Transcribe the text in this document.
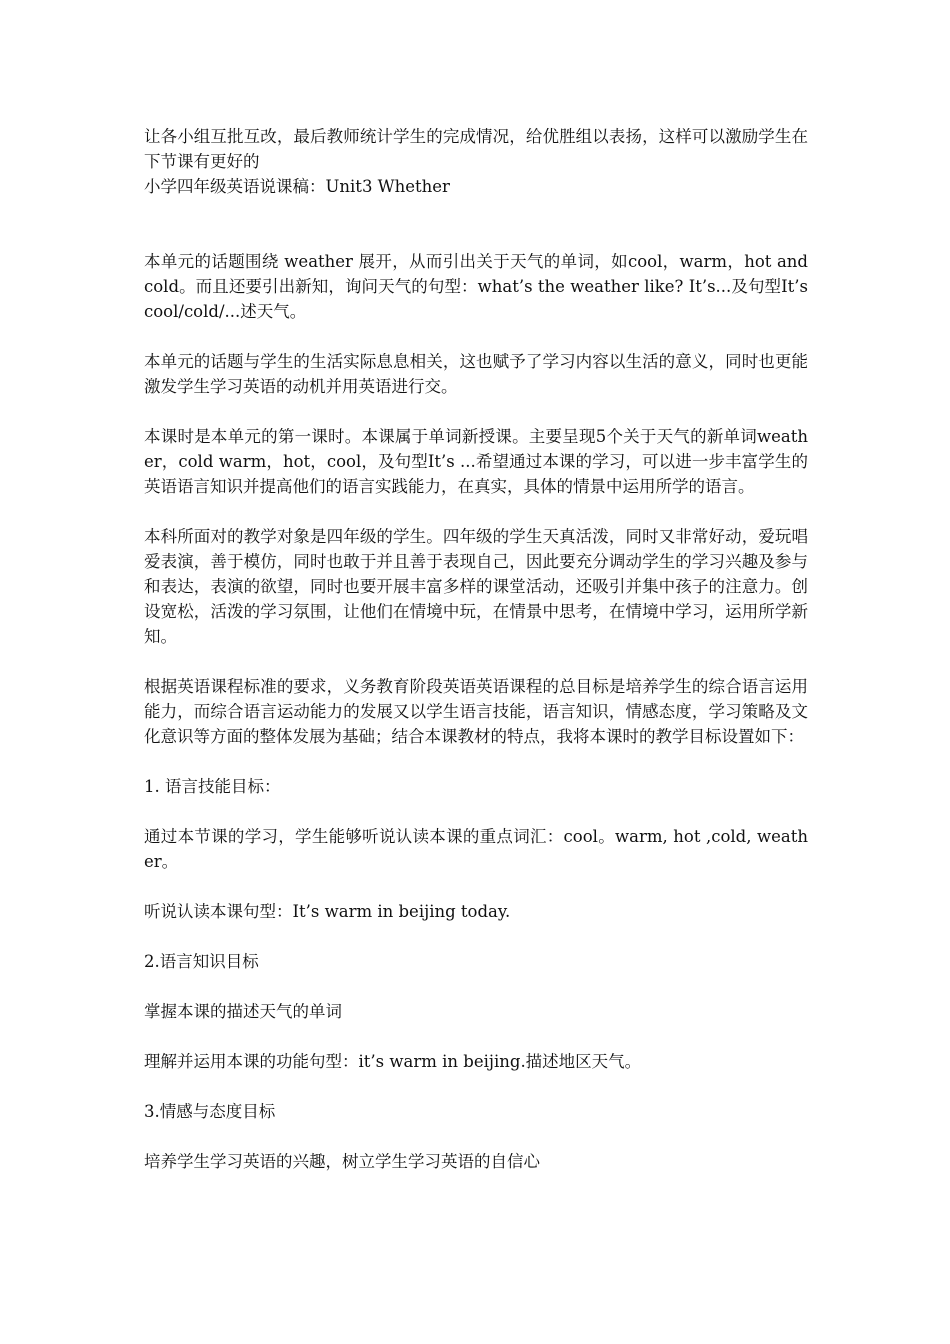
让各小组互批互改，最后教师统计学生的完成情况，给优胜组以表扬，这样可以激励学生在下节课有更好的

小学四年级英语说课稿：Unit3 Whether

本单元的话题围绕 weather 展开，从而引出关于天气的单词，如cool，warm，hot and cold。而且还要引出新知，询问天气的句型：what’s the weather like? It’s...及句型It’s cool/cold/...述天气。

本单元的话题与学生的生活实际息息相关，这也赋予了学习内容以生活的意义，同时也更能激发学生学习英语的动机并用英语进行交。

本课时是本单元的第一课时。本课属于单词新授课。主要呈现5个关于天气的新单词weather，cold warm，hot，cool，及句型It’s ...希望通过本课的学习，可以进一步丰富学生的英语语言知识并提高他们的语言实践能力，在真实，具体的情景中运用所学的语言。

本科所面对的教学对象是四年级的学生。四年级的学生天真活泼，同时又非常好动，爱玩唱爱表演，善于模仿，同时也敢于并且善于表现自己，因此要充分调动学生的学习兴趣及参与和表达，表演的欲望，同时也要开展丰富多样的课堂活动，还吸引并集中孩子的注意力。创设宽松，活泼的学习氛围，让他们在情境中玩，在情景中思考，在情境中学习，运用所学新知。

根据英语课程标准的要求，义务教育阶段英语英语课程的总目标是培养学生的综合语言运用能力，而综合语言运动能力的发展又以学生语言技能，语言知识，情感态度，学习策略及文化意识等方面的整体发展为基础；结合本课教材的特点，我将本课时的教学目标设置如下：

1. 语言技能目标：

通过本节课的学习，学生能够听说认读本课的重点词汇：cool。warm, hot ,cold, weather。

听说认读本课句型：It’s warm in beijing today.

2.语言知识目标

掌握本课的描述天气的单词

理解并运用本课的功能句型：it’s warm in beijing.描述地区天气。

3.情感与态度目标

培养学生学习英语的兴趣，树立学生学习英语的自信心
